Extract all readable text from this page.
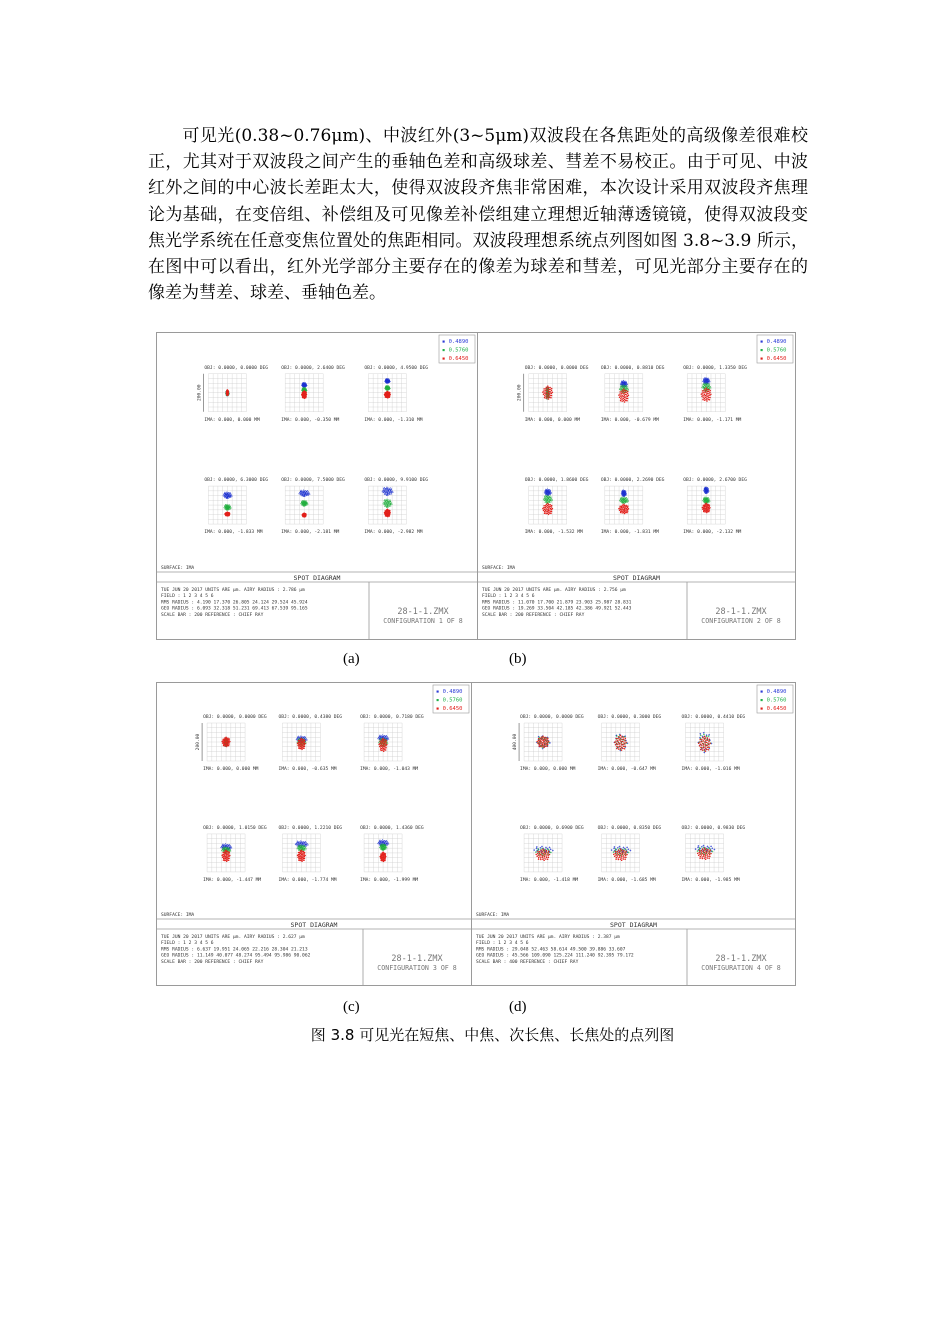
可见光(0.38~0.76μm)、中波红外(3~5μm)双波段在各焦距处的高级像差很难校正，尤其对于双波段之间产生的垂轴色差和高级球差、彗差不易校正。由于可见、中波红外之间的中心波长差距太大，使得双波段齐焦非常困难，本次设计采用双波段齐焦理论为基础，在变倍组、补偿组及可见像差补偿组建立理想近轴薄透镜镜，使得双波段变焦光学系统在任意变焦位置处的焦距相同。双波段理想系统点列图如图 3.8~3.9 所示，在图中可以看出，红外光学部分主要存在的像差为球差和彗差，可见光部分主要存在的像差为彗差、球差、垂轴色差。

▪ 0.4890
▪ 0.5760
▪ 0.6450
OBJ: 0.0000, 0.0000 DEG
IMA: 0.000, 0.000 MM
200.00
OBJ: 0.0000, 2.6400 DEG
IMA: 0.000, -0.350 MM
OBJ: 0.0000, 4.9500 DEG
IMA: 0.000, -1.310 MM
OBJ: 0.0000, 6.3000 DEG
IMA: 0.000, -1.833 MM
OBJ: 0.0000, 7.5000 DEG
IMA: 0.000, -2.181 MM
OBJ: 0.0000, 9.9100 DEG
IMA: 0.000, -2.982 MM
SURFACE: IMA
SPOT DIAGRAM
TUE JUN 20 2017 UNITS ARE μm. AIRY RADIUS : 2.786 μm
FIELD : 1 2 3 4 5 6
RMS RADIUS : 4.190 17.370 26.805 24.124 29.524 45.924
GEO RADIUS : 6.093 32.318 51.231 69.413 67.539 95.165
SCALE BAR : 200 REFERENCE : CHIEF RAY	28-1-1.ZMX
CONFIGURATION 1 OF 8
▪ 0.4890
▪ 0.5760
▪ 0.6450
OBJ: 0.0000, 0.0000 DEG
IMA: 0.000, 0.000 MM
200.00
OBJ: 0.0000, 0.8810 DEG
IMA: 0.000, -0.679 MM
OBJ: 0.0000, 1.3350 DEG
IMA: 0.000, -1.171 MM
OBJ: 0.0000, 1.8600 DEG
IMA: 0.000, -1.532 MM
OBJ: 0.0000, 2.2690 DEG
IMA: 0.000, -1.831 MM
OBJ: 0.0000, 2.6700 DEG
IMA: 0.000, -2.132 MM
SURFACE: IMA
SPOT DIAGRAM
TUE JUN 20 2017 UNITS ARE μm. AIRY RADIUS : 2.756 μm
FIELD : 1 2 3 4 5 6
RMS RADIUS : 11.070 17.700 21.879 23.903 25.987 28.831
GEO RADIUS : 19.269 33.504 42.185 42.386 49.921 52.443
SCALE BAR : 200 REFERENCE : CHIEF RAY	28-1-1.ZMX
CONFIGURATION 2 OF 8
▪ 0.4890
▪ 0.5760
▪ 0.6450
OBJ: 0.0000, 0.0000 DEG
IMA: 0.000, 0.000 MM
200.00
OBJ: 0.0000, 0.4380 DEG
IMA: 0.000, -0.635 MM
OBJ: 0.0000, 0.7180 DEG
IMA: 0.000, -1.043 MM
OBJ: 0.0000, 1.0150 DEG
IMA: 0.000, -1.447 MM
OBJ: 0.0000, 1.2210 DEG
IMA: 0.000, -1.774 MM
OBJ: 0.0000, 1.4360 DEG
IMA: 0.000, -1.999 MM
SURFACE: IMA
SPOT DIAGRAM
TUE JUN 20 2017 UNITS ARE μm. AIRY RADIUS : 2.627 μm
FIELD : 1 2 3 4 5 6
RMS RADIUS : 6.637 19.951 24.065 22.216 28.304 21.213
GEO RADIUS : 11.149 40.077 48.274 95.494 95.986 90.062
SCALE BAR : 200 REFERENCE : CHIEF RAY	28-1-1.ZMX
CONFIGURATION 3 OF 8
▪ 0.4890
▪ 0.5760
▪ 0.6450
OBJ: 0.0000, 0.0000 DEG
IMA: 0.000, 0.000 MM
400.00
OBJ: 0.0000, 0.3000 DEG
IMA: 0.000, -0.647 MM
OBJ: 0.0000, 0.4410 DEG
IMA: 0.000, -1.016 MM
OBJ: 0.0000, 0.6900 DEG
IMA: 0.000, -1.418 MM
OBJ: 0.0000, 0.8350 DEG
IMA: 0.000, -1.685 MM
OBJ: 0.0000, 0.9830 DEG
IMA: 0.000, -1.985 MM
SURFACE: IMA
SPOT DIAGRAM
TUE JUN 20 2017 UNITS ARE μm. AIRY RADIUS : 2.387 μm
FIELD : 1 2 3 4 5 6
RMS RADIUS : 29.048 52.463 58.614 49.500 39.886 33.607
GEO RADIUS : 45.566 109.090 125.224 111.240 92.395 79.172
SCALE BAR : 400 REFERENCE : CHIEF RAY	28-1-1.ZMX
CONFIGURATION 4 OF 8
(a)	(b)
(c)	(d)
图 3.8 可见光在短焦、中焦、次长焦、长焦处的点列图
